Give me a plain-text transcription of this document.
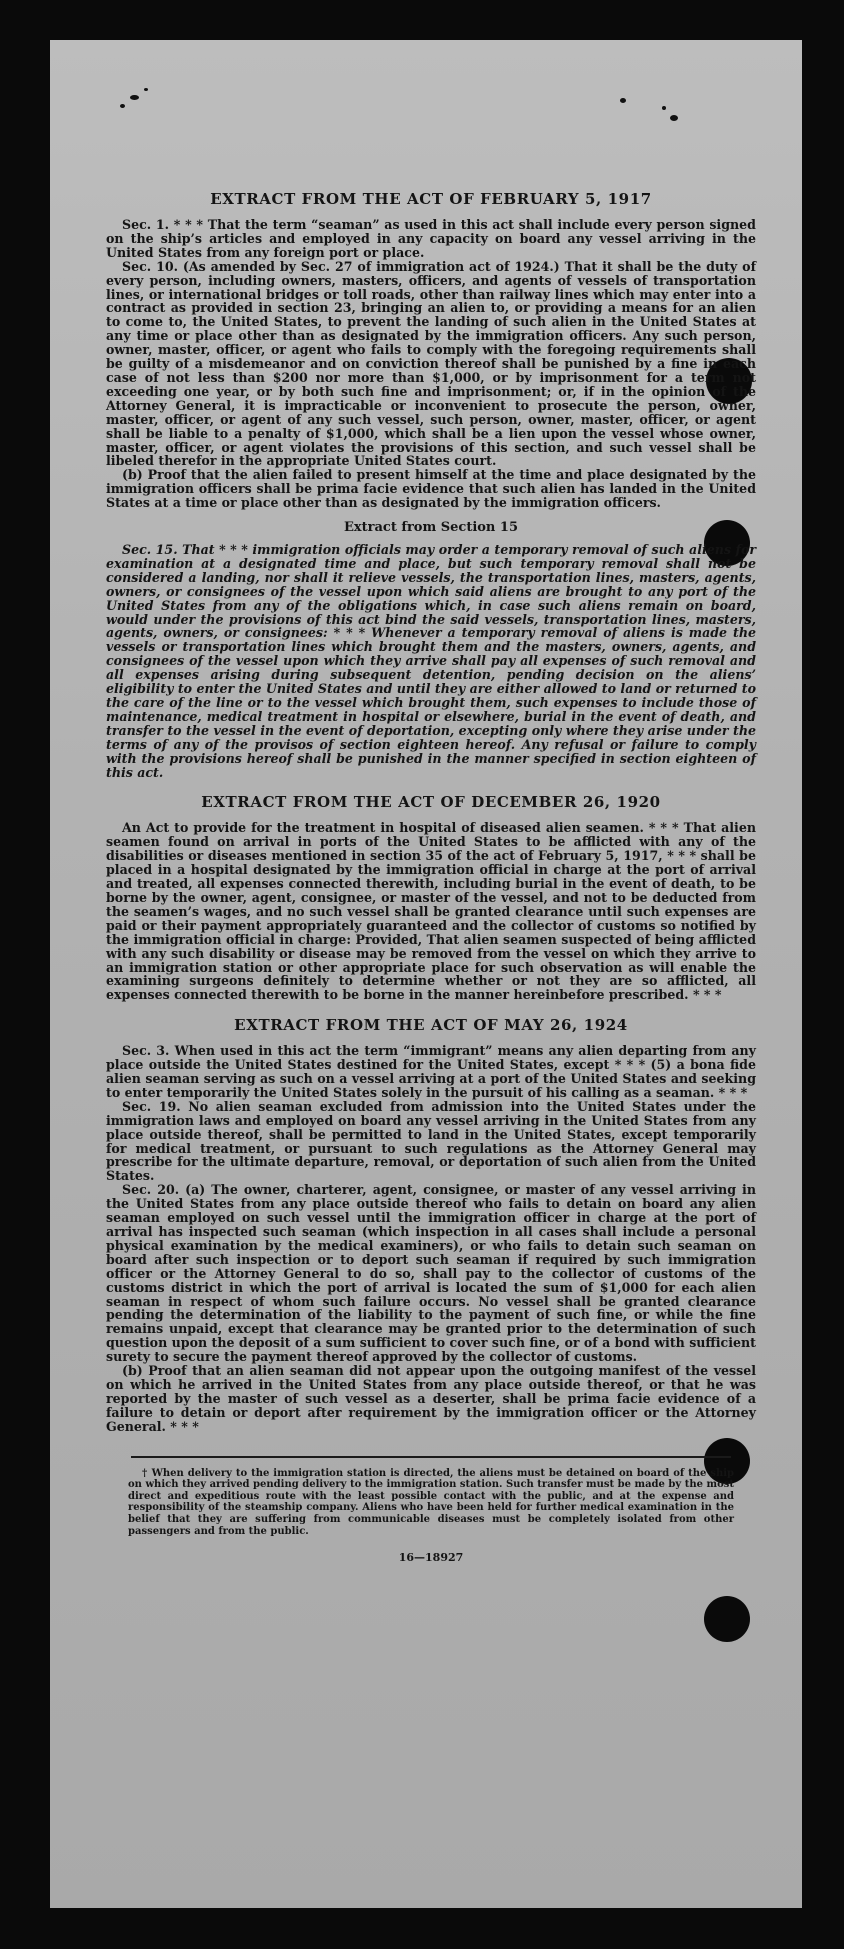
EXTRACT FROM THE ACT OF FEBRUARY 5, 1917

Sec. 1. * * * That the term “seaman” as used in this act shall include every person signed on the ship’s articles and employed in any capacity on board any vessel arriving in the United States from any foreign port or place.

Sec. 10. (As amended by Sec. 27 of immigration act of 1924.) That it shall be the duty of every person, including owners, masters, officers, and agents of vessels of transportation lines, or international bridges or toll roads, other than railway lines which may enter into a contract as provided in section 23, bringing an alien to, or providing a means for an alien to come to, the United States, to prevent the landing of such alien in the United States at any time or place other than as designated by the immigration officers. Any such person, owner, master, officer, or agent who fails to comply with the foregoing requirements shall be guilty of a misdemeanor and on conviction thereof shall be punished by a fine in each case of not less than $200 nor more than $1,000, or by imprisonment for a term not exceeding one year, or by both such fine and imprisonment; or, if in the opinion of the Attorney General, it is impracticable or inconvenient to prosecute the person, owner, master, officer, or agent of any such vessel, such person, owner, master, officer, or agent shall be liable to a penalty of $1,000, which shall be a lien upon the vessel whose owner, master, officer, or agent violates the provisions of this section, and such vessel shall be libeled therefor in the appropriate United States court.

(b) Proof that the alien failed to present himself at the time and place designated by the immigration officers shall be prima facie evidence that such alien has landed in the United States at a time or place other than as designated by the immigration officers.

Extract from Section 15

Sec. 15. That * * * immigration officials may order a temporary removal of such aliens for examination at a designated time and place, but such temporary removal shall not be considered a landing, nor shall it relieve vessels, the transportation lines, masters, agents, owners, or consignees of the vessel upon which said aliens are brought to any port of the United States from any of the obligations which, in case such aliens remain on board, would under the provisions of this act bind the said vessels, transportation lines, masters, agents, owners, or consignees: * * * Whenever a temporary removal of aliens is made the vessels or transportation lines which brought them and the masters, owners, agents, and consignees of the vessel upon which they arrive shall pay all expenses of such removal and all expenses arising during subsequent detention, pending decision on the aliens’ eligibility to enter the United States and until they are either allowed to land or returned to the care of the line or to the vessel which brought them, such expenses to include those of maintenance, medical treatment in hospital or elsewhere, burial in the event of death, and transfer to the vessel in the event of deportation, excepting only where they arise under the terms of any of the provisos of section eighteen hereof. Any refusal or failure to comply with the provisions hereof shall be punished in the manner specified in section eighteen of this act.

EXTRACT FROM THE ACT OF DECEMBER 26, 1920

An Act to provide for the treatment in hospital of diseased alien seamen. * * * That alien seamen found on arrival in ports of the United States to be afflicted with any of the disabilities or diseases mentioned in section 35 of the act of February 5, 1917, * * * shall be placed in a hospital designated by the immigration official in charge at the port of arrival and treated, all expenses connected therewith, including burial in the event of death, to be borne by the owner, agent, consignee, or master of the vessel, and not to be deducted from the seamen’s wages, and no such vessel shall be granted clearance until such expenses are paid or their payment appropriately guaranteed and the collector of customs so notified by the immigration official in charge: Provided, That alien seamen suspected of being afflicted with any such disability or disease may be removed from the vessel on which they arrive to an immigration station or other appropriate place for such observation as will enable the examining surgeons definitely to determine whether or not they are so afflicted, all expenses connected therewith to be borne in the manner hereinbefore prescribed. * * *

EXTRACT FROM THE ACT OF MAY 26, 1924

Sec. 3. When used in this act the term “immigrant” means any alien departing from any place outside the United States destined for the United States, except * * * (5) a bona fide alien seaman serving as such on a vessel arriving at a port of the United States and seeking to enter temporarily the United States solely in the pursuit of his calling as a seaman. * * *

Sec. 19. No alien seaman excluded from admission into the United States under the immigration laws and employed on board any vessel arriving in the United States from any place outside thereof, shall be permitted to land in the United States, except temporarily for medical treatment, or pursuant to such regulations as the Attorney General may prescribe for the ultimate departure, removal, or deportation of such alien from the United States.

Sec. 20. (a) The owner, charterer, agent, consignee, or master of any vessel arriving in the United States from any place outside thereof who fails to detain on board any alien seaman employed on such vessel until the immigration officer in charge at the port of arrival has inspected such seaman (which inspection in all cases shall include a personal physical examination by the medical examiners), or who fails to detain such seaman on board after such inspection or to deport such seaman if required by such immigration officer or the Attorney General to do so, shall pay to the collector of customs of the customs district in which the port of arrival is located the sum of $1,000 for each alien seaman in respect of whom such failure occurs. No vessel shall be granted clearance pending the determination of the liability to the payment of such fine, or while the fine remains unpaid, except that clearance may be granted prior to the determination of such question upon the deposit of a sum sufficient to cover such fine, or of a bond with sufficient surety to secure the payment thereof approved by the collector of customs.

(b) Proof that an alien seaman did not appear upon the outgoing manifest of the vessel on which he arrived in the United States from any place outside thereof, or that he was reported by the master of such vessel as a deserter, shall be prima facie evidence of a failure to detain or deport after requirement by the immigration officer or the Attorney General. * * *

† When delivery to the immigration station is directed, the aliens must be detained on board of the ship on which they arrived pending delivery to the immigration station. Such transfer must be made by the most direct and expeditious route with the least possible contact with the public, and at the expense and responsibility of the steamship company. Aliens who have been held for further medical examination in the belief that they are suffering from communicable diseases must be completely isolated from other passengers and from the public.

16—18927
